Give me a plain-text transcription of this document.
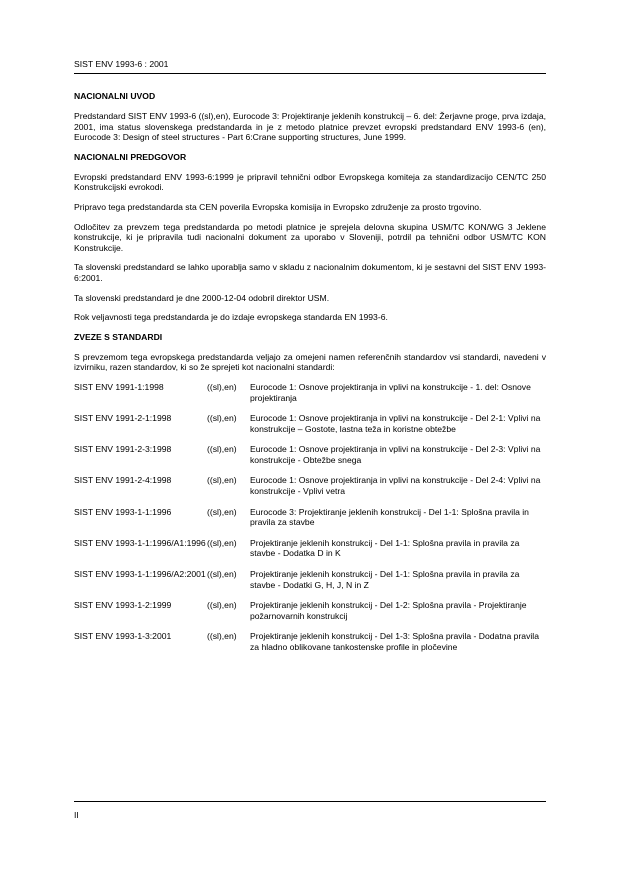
SIST ENV 1993-6 : 2001
NACIONALNI UVOD

Predstandard SIST ENV 1993-6 ((sl),en), Eurocode 3: Projektiranje jeklenih konstrukcij – 6. del: Žerjavne proge, prva izdaja, 2001, ima status slovenskega predstandarda in je z metodo platnice prevzet evropski predstandard ENV 1993-6 (en), Eurocode 3: Design of steel structures - Part 6:Crane supporting structures, June 1999.

NACIONALNI PREDGOVOR

Evropski predstandard ENV 1993-6:1999 je pripravil tehnični odbor Evropskega komiteja za standardizacijo CEN/TC 250 Konstrukcijski evrokodi.

Pripravo tega predstandarda sta CEN poverila Evropska komisija in Evropsko združenje za prosto trgovino.

Odločitev za prevzem tega predstandarda po metodi platnice je sprejela delovna skupina USM/TC KON/WG 3 Jeklene konstrukcije, ki je pripravila tudi nacionalni dokument za uporabo v Sloveniji, potrdil pa tehnični odbor USM/TC KON Konstrukcije.

Ta slovenski predstandard se lahko uporablja samo v skladu z nacionalnim dokumentom, ki je sestavni del SIST ENV 1993-6:2001.

Ta slovenski predstandard je dne 2000-12-04 odobril direktor USM.

Rok veljavnosti tega predstandarda je do izdaje evropskega standarda EN 1993-6.

ZVEZE S STANDARDI

S prevzemom tega evropskega predstandarda veljajo za omejeni namen referenčnih standardov vsi standardi, navedeni v izvirniku, razen standardov, ki so že sprejeti kot nacionalni standardi:

SIST ENV 1991-1:1998	((sl),en)	Eurocode 1: Osnove projektiranja in vplivi na konstrukcije - 1. del: Osnove projektiranja
SIST ENV 1991-2-1:1998	((sl),en)	Eurocode 1: Osnove projektiranja in vplivi na konstrukcije - Del 2-1: Vplivi na konstrukcije – Gostote, lastna teža in koristne obtežbe
SIST ENV 1991-2-3:1998	((sl),en)	Eurocode 1: Osnove projektiranja in vplivi na konstrukcije - Del 2-3: Vplivi na konstrukcije - Obtežbe snega
SIST ENV 1991-2-4:1998	((sl),en)	Eurocode 1: Osnove projektiranja in vplivi na konstrukcije - Del 2-4: Vplivi na konstrukcije - Vplivi vetra
SIST ENV 1993-1-1:1996	((sl),en)	Eurocode 3: Projektiranje jeklenih konstrukcij - Del 1-1: Splošna pravila in pravila za stavbe
SIST ENV 1993-1-1:1996/A1:1996	((sl),en)	Projektiranje jeklenih konstrukcij - Del 1-1: Splošna pravila in pravila za stavbe - Dodatka D in K
SIST ENV 1993-1-1:1996/A2:2001	((sl),en)	Projektiranje jeklenih konstrukcij - Del 1-1: Splošna pravila in pravila za stavbe - Dodatki G, H, J, N in Z
SIST ENV 1993-1-2:1999	((sl),en)	Projektiranje jeklenih konstrukcij - Del 1-2: Splošna pravila - Projektiranje požarnovarnih konstrukcij
SIST ENV 1993-1-3:2001	((sl),en)	Projektiranje jeklenih konstrukcij - Del 1-3: Splošna pravila - Dodatna pravila za hladno oblikovane tankostenske profile in pločevine
II
